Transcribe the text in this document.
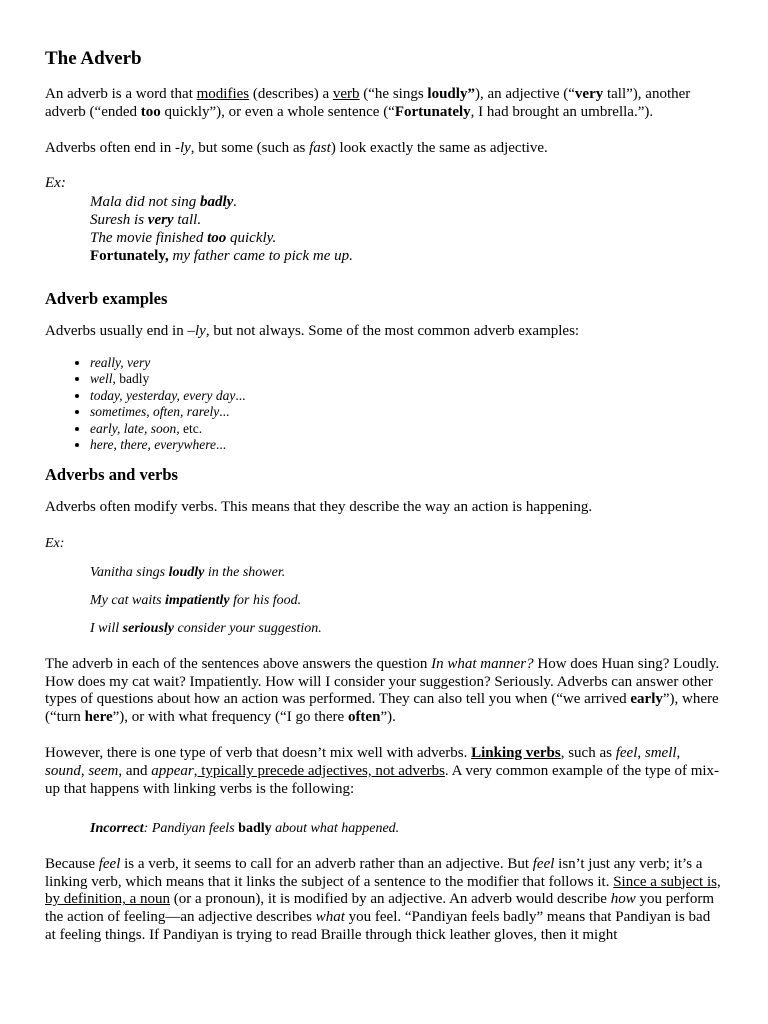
The Adverb

An adverb is a word that modifies (describes) a verb (“he sings loudly”), an adjective (“very tall”), another adverb (“ended too quickly”), or even a whole sentence (“Fortunately, I had brought an umbrella.”).

Adverbs often end in -ly, but some (such as fast) look exactly the same as adjective.

Ex:

Mala did not sing badly.
Suresh is very tall.
The movie finished too quickly.
Fortunately, my father came to pick me up.
Adverb examples

Adverbs usually end in –ly, but not always. Some of the most common adverb examples:

• really, very
• well, badly
• today, yesterday, every day...
• sometimes, often, rarely...
• early, late, soon, etc.
• here, there, everywhere...
Adverbs and verbs

Adverbs often modify verbs. This means that they describe the way an action is happening.

Ex:

Vanitha sings loudly in the shower.
My cat waits impatiently for his food.
I will seriously consider your suggestion.

The adverb in each of the sentences above answers the question In what manner? How does Huan sing? Loudly. How does my cat wait? Impatiently. How will I consider your suggestion? Seriously. Adverbs can answer other types of questions about how an action was performed. They can also tell you when (“we arrived early”), where (“turn here”), or with what frequency (“I go there often”).

However, there is one type of verb that doesn’t mix well with adverbs. Linking verbs, such as feel, smell, sound, seem, and appear, typically precede adjectives, not adverbs. A very common example of the type of mix-up that happens with linking verbs is the following:

Incorrect: Pandiyan feels badly about what happened.

Because feel is a verb, it seems to call for an adverb rather than an adjective. But feel isn’t just any verb; it’s a linking verb, which means that it links the subject of a sentence to the modifier that follows it. Since a subject is, by definition, a noun (or a pronoun), it is modified by an adjective. An adverb would describe how you perform the action of feeling—an adjective describes what you feel. “Pandiyan feels badly” means that Pandiyan is bad at feeling things. If Pandiyan is trying to read Braille through thick leather gloves, then it might
